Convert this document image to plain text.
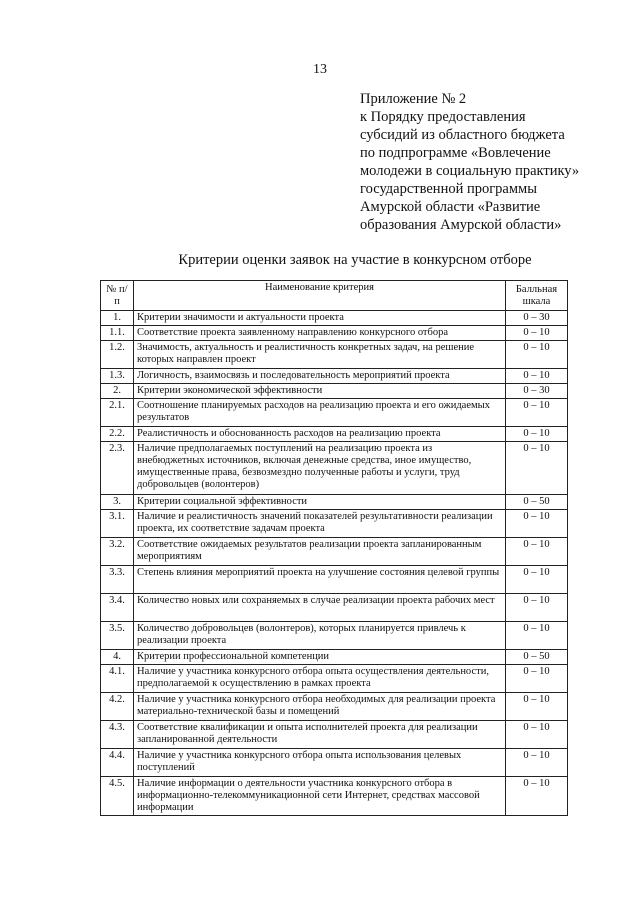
13
Приложение № 2
к Порядку предоставления
субсидий из областного бюджета
по подпрограмме «Вовлечение
молодежи в социальную практику»
государственной программы
Амурской области «Развитие
образования Амурской области»
Критерии оценки заявок на участие в конкурсном отборе
№ п/п	Наименование критерия	Балльная шкала
1.	Критерии значимости и актуальности проекта	0 – 30
1.1.	Соответствие проекта заявленному направлению конкурсного отбора	0 – 10
1.2.	Значимость, актуальность и реалистичность конкретных задач, на решение которых направлен проект	0 – 10
1.3.	Логичность, взаимосвязь и последовательность мероприятий проекта	0 – 10
2.	Критерии экономической эффективности	0 – 30
2.1.	Соотношение планируемых расходов на реализацию проекта и его ожидаемых результатов	0 – 10
2.2.	Реалистичность и обоснованность расходов на реализацию проекта	0 – 10
2.3.	Наличие предполагаемых поступлений на реализацию проекта из внебюджетных источников, включая денежные средства, иное имущество, имущественные права, безвозмездно полученные работы и услуги, труд добровольцев (волонтеров)	0 – 10
3.	Критерии социальной эффективности	0 – 50
3.1.	Наличие и реалистичность значений показателей результативности реализации проекта, их соответствие задачам проекта	0 – 10
3.2.	Соответствие ожидаемых результатов реализации проекта запланированным мероприятиям	0 – 10
3.3.	Степень влияния мероприятий проекта на улучшение состояния целевой группы	0 – 10
3.4.	Количество новых или сохраняемых в случае реализации проекта рабочих мест	0 – 10
3.5.	Количество добровольцев (волонтеров), которых планируется привлечь к реализации проекта	0 – 10
4.	Критерии профессиональной компетенции	0 – 50
4.1.	Наличие у участника конкурсного отбора опыта осуществления деятельности, предполагаемой к осуществлению в рамках проекта	0 – 10
4.2.	Наличие у участника конкурсного отбора необходимых для реализации проекта материально-технической базы и помещений	0 – 10
4.3.	Соответствие квалификации и опыта исполнителей проекта для реализации запланированной деятельности	0 – 10
4.4.	Наличие у участника конкурсного отбора опыта использования целевых поступлений	0 – 10
4.5.	Наличие информации о деятельности участника конкурсного отбора в информационно-телекоммуникационной сети Интернет, средствах массовой информации	0 – 10
